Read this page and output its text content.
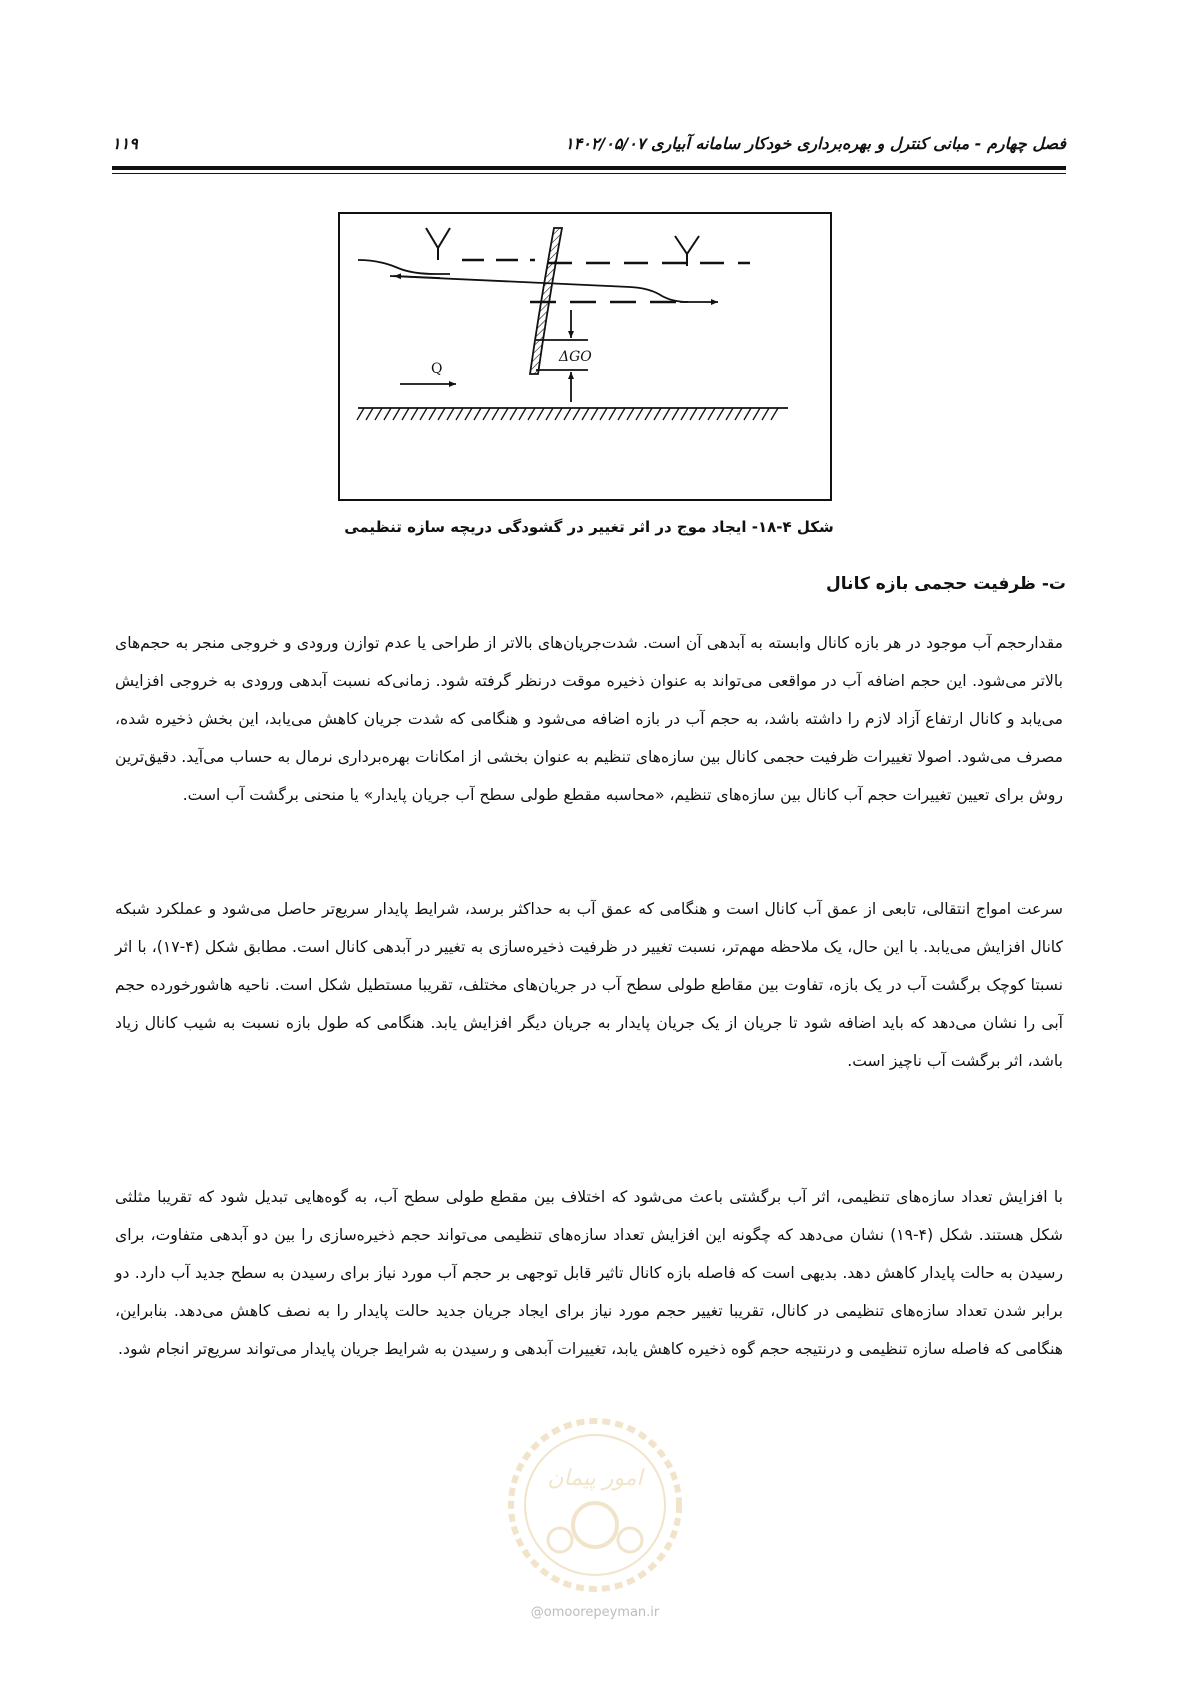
فصل چهارم - مبانی کنترل و بهره‌برداری خودکار سامانه آبیاری ۱۴۰۲/۰۵/۰۷
۱۱۹
ΔGO
Q
شکل ۴-۱۸- ایجاد موج در اثر تغییر در گشودگی دریچه سازه تنظیمی
ت- ظرفیت حجمی بازه کانال

مقدارحجم آب موجود در هر بازه کانال وابسته به آبدهی آن است. شدت‌جریان‌های بالاتر از طراحی یا عدم توازن ورودی و خروجی منجر به حجم‌های بالاتر می‌شود. این حجم اضافه آب در مواقعی می‌تواند به عنوان ذخیره موقت درنظر گرفته شود. زمانی‌که نسبت آبدهی ورودی به خروجی افزایش می‌یابد و کانال ارتفاع آزاد لازم را داشته باشد، به حجم آب در بازه اضافه می‌شود و هنگامی که شدت جریان کاهش می‌یابد، این بخش ذخیره شده، مصرف می‌شود. اصولا تغییرات ظرفیت حجمی کانال بین سازه‌های تنظیم به عنوان بخشی از امکانات بهره‌برداری نرمال به حساب می‌آید. دقیق‌ترین روش برای تعیین تغییرات حجم آب کانال بین سازه‌های تنظیم، «محاسبه مقطع طولی سطح آب جریان پایدار» یا منحنی برگشت آب است.

سرعت امواج انتقالی، تابعی از عمق آب کانال است و هنگامی که عمق آب به حداکثر برسد، شرایط پایدار سریع‌تر حاصل می‌شود و عملکرد شبکه کانال افزایش می‌یابد. با این حال، یک ملاحظه مهم‌تر، نسبت تغییر در ظرفیت ذخیره‌سازی به تغییر در آبدهی کانال است. مطابق شکل (۴-۱۷)، با اثر نسبتا کوچک برگشت آب در یک بازه، تفاوت بین مقاطع طولی سطح آب در جریان‌های مختلف، تقریبا مستطیل شکل است. ناحیه هاشورخورده حجم آبی را نشان می‌دهد که باید اضافه شود تا جریان از یک جریان پایدار به جریان دیگر افزایش یابد. هنگامی که طول بازه نسبت به شیب کانال زیاد باشد، اثر برگشت آب ناچیز است.

با افزایش تعداد سازه‌های تنظیمی، اثر آب برگشتی باعث می‌شود که اختلاف بین مقطع طولی سطح آب، به گوه‌هایی تبدیل شود که تقریبا مثلثی شکل هستند. شکل (۴-۱۹) نشان می‌دهد که چگونه این افزایش تعداد سازه‌های تنظیمی می‌تواند حجم ذخیره‌سازی را بین دو آبدهی متفاوت، برای رسیدن به حالت پایدار کاهش دهد. بدیهی است که فاصله بازه کانال تاثیر قابل توجهی بر حجم آب مورد نیاز برای رسیدن به سطح جدید آب دارد. دو برابر شدن تعداد سازه‌های تنظیمی در کانال، تقریبا تغییر حجم مورد نیاز برای ایجاد جریان جدید حالت پایدار را به نصف کاهش می‌دهد. بنابراین، هنگامی که فاصله سازه تنظیمی و درنتیجه حجم گوه ذخیره کاهش یابد، تغییرات آبدهی و رسیدن به شرایط جریان پایدار می‌تواند سریع‌تر انجام شود.

امور پیمان
@omoorepeyman.ir
